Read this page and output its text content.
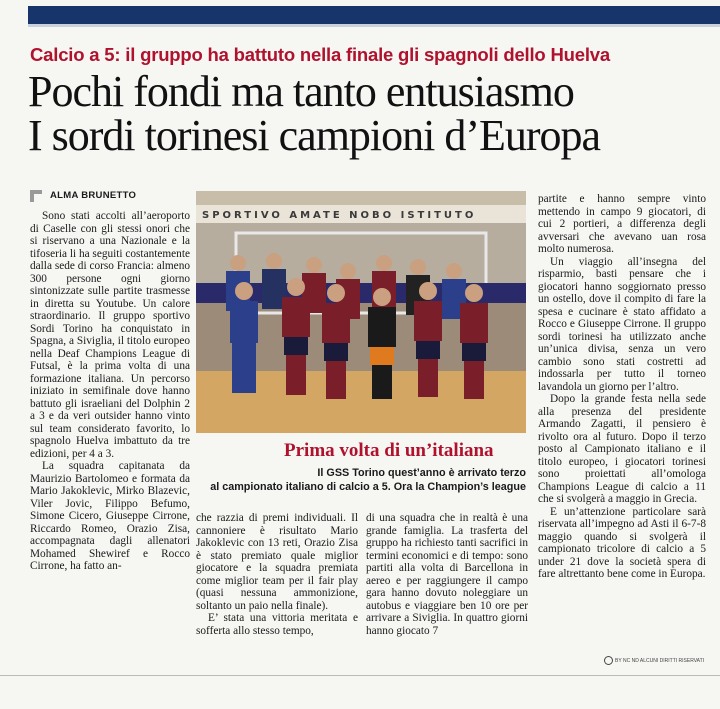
Calcio a 5: il gruppo ha battuto nella finale gli spagnoli dello Huelva
Pochi fondi ma tanto entusiasmo
I sordi torinesi campioni d’Europa
ALMA BRUNETTO

Sono stati accolti all’aeroporto di Caselle con gli stessi onori che si riservano a una Nazionale e la tifoseria li ha seguiti costantemente dalla sede di corso Francia: almeno 300 persone ogni giorno sintonizzate sulle partite trasmesse in diretta su Youtube. Un calore straordinario. Il gruppo sportivo Sordi Torino ha conquistato in Spagna, a Siviglia, il titolo europeo nella Deaf Champions League di Futsal, è la prima volta di una formazione italiana. Un percorso iniziato in semifinale dove hanno battuto gli israeliani del Dolphin 2 a 3 e da veri outsider hanno vinto sul team considerato favorito, lo spagnolo Huelva imbattuto da tre edizioni, per 4 a 3.

La squadra capitanata da Maurizio Bartolomeo e formata da Mario Jakoklevic, Mirko Blazevic, Viler Jovic, Filippo Befumo, Simone Cicero, Giuseppe Cirrone, Riccardo Romeo, Orazio Zisa, accompagnata dagli allenatori Mohamed Shewiref e Rocco Cirrone, ha fatto an-

SPORTIVO AMATE NOBO ISTITUTO
Prima volta di un’italiana
Il GSS Torino quest’anno è arrivato terzo
al campionato italiano di calcio a 5. Ora la Champion’s league

che razzia di premi individuali. Il cannoniere è risultato Mario Jakoklevic con 13 reti, Orazio Zisa è stato premiato quale miglior giocatore e la squadra premiata come miglior team per il fair play (quasi nessuna ammonizione, soltanto un paio nella finale).

E’ stata una vittoria meritata e sofferta allo stesso tempo,

di una squadra che in realtà è una grande famiglia. La trasferta del gruppo ha richiesto tanti sacrifici in termini economici e di tempo: sono partiti alla volta di Barcellona in aereo e per raggiungere il campo gara hanno dovuto noleggiare un autobus e viaggiare ben 10 ore per arrivare a Siviglia. In quattro giorni hanno giocato 7

partite e hanno sempre vinto mettendo in campo 9 giocatori, di cui 2 portieri, a differenza degli avversari che avevano uan rosa molto numerosa.

Un viaggio all’insegna del risparmio, basti pensare che i giocatori hanno soggiornato presso un ostello, dove il compito di fare la spesa e cucinare è stato affidato a Rocco e Giuseppe Cirrone. Il gruppo sordi torinesi ha utilizzato anche un’unica divisa, senza un vero cambio sono stati costretti ad indossarla per tutto il torneo lavandola un giorno per l’altro.

Dopo la grande festa nella sede alla presenza del presidente Armando Zagatti, il pensiero è rivolto ora al futuro. Dopo il terzo posto al Campionato italiano e il titolo europeo, i giocatori torinesi sono proiettati all’omologa Champions League di calcio a 11 che si svolgerà a maggio in Grecia.

E un’attenzione particolare sarà riservata all’impegno ad Asti il 6-7-8 maggio quando si svolgerà il campionato tricolore di calcio a 5 under 21 dove la società spera di fare altrettanto bene come in Europa.

BY NC ND ALCUNI DIRITTI RISERVATI
